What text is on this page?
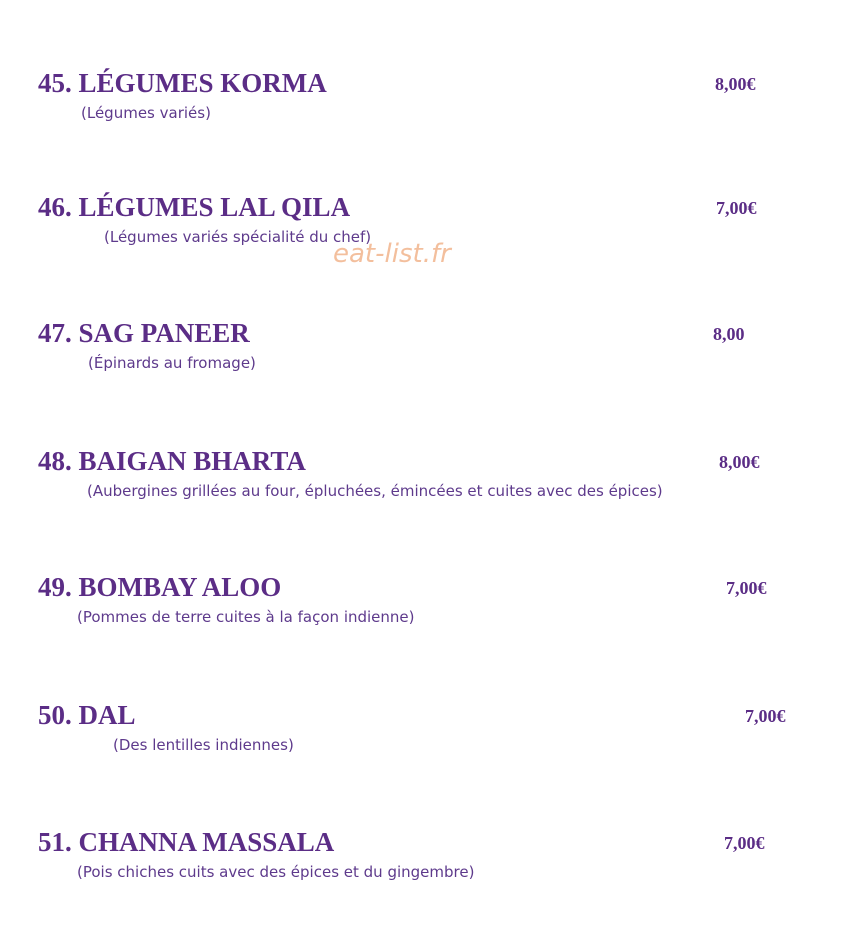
45. LÉGUMES KORMA	8,00€
(Légumes variés)
46. LÉGUMES LAL QILA	7,00€
(Légumes variés spécialité du chef)
47. SAG PANEER	8,00
(Épinards au fromage)
48. BAIGAN BHARTA	8,00€
(Aubergines grillées au four, épluchées, émincées et cuites avec des épices)
49. BOMBAY ALOO	7,00€
(Pommes de terre cuites à la façon indienne)
50. DAL	7,00€
(Des lentilles indiennes)
51. CHANNA MASSALA	7,00€
(Pois chiches cuits avec des épices et du gingembre)
eat-list.fr
